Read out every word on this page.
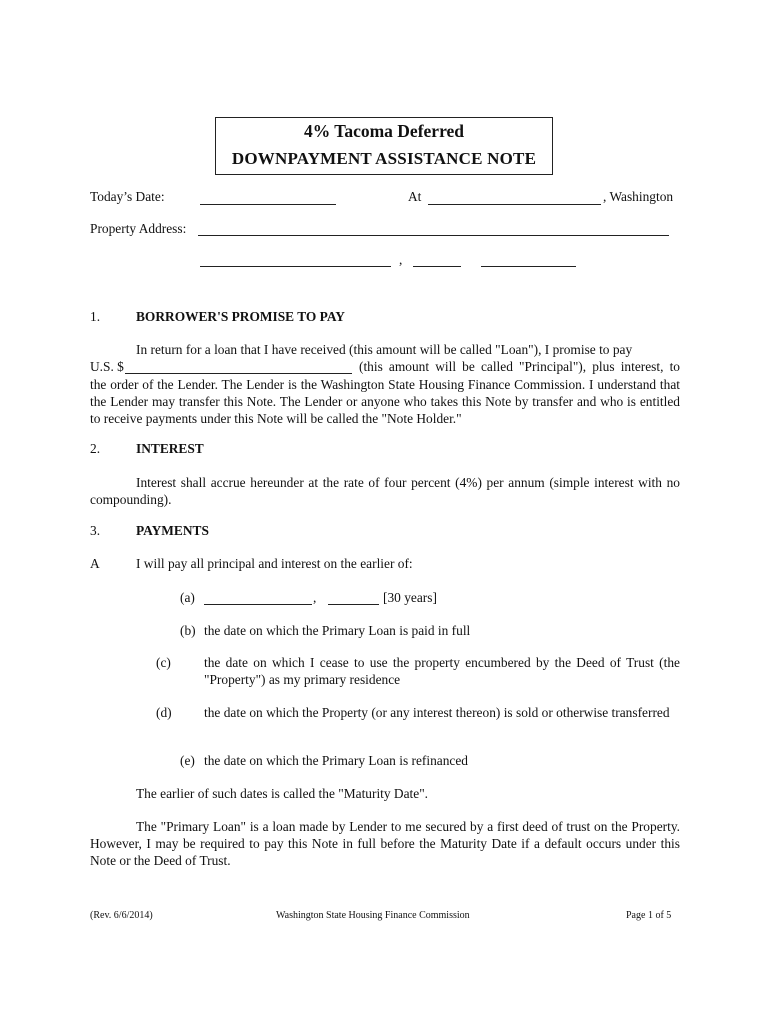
4% Tacoma Deferred
DOWNPAYMENT ASSISTANCE NOTE
Today’s Date:	At	, Washington
Property Address:
,
1.	BORROWER'S PROMISE TO PAY
In return for a loan that I have received (this amount will be called "Loan"), I promise to pay
U.S. $	(this amount will be called "Principal"), plus interest, to
the order of the Lender. The Lender is the Washington State Housing Finance Commission. I understand that the Lender may transfer this Note. The Lender or anyone who takes this Note by transfer and who is entitled to receive payments under this Note will be called the "Note Holder."
2.	INTEREST
Interest shall accrue hereunder at the rate of four percent (4%) per annum (simple interest with no compounding).
3.	PAYMENTS
A	I will pay all principal and interest on the earlier of:
(a)	,	[30 years]
(b) the date on which the Primary Loan is paid in full
(c) the date on which I cease to use the property encumbered by the Deed of Trust (the "Property") as my primary residence
(d) the date on which the Property (or any interest thereon) is sold or otherwise transferred
(e) the date on which the Primary Loan is refinanced
The earlier of such dates is called the "Maturity Date".
The "Primary Loan" is a loan made by Lender to me secured by a first deed of trust on the Property. However, I may be required to pay this Note in full before the Maturity Date if a default occurs under this Note or the Deed of Trust.
(Rev. 6/6/2014)	Washington State Housing Finance Commission	Page 1 of 5
